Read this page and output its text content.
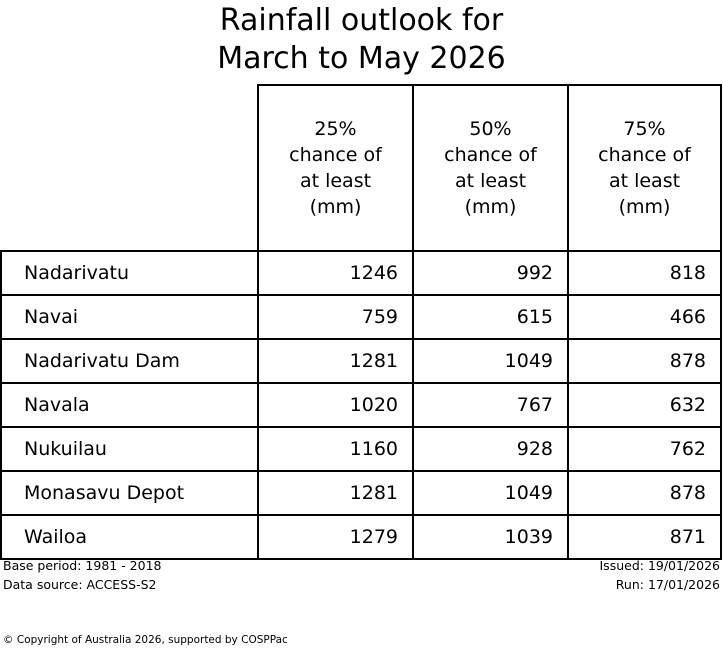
Rainfall outlook for
March to May 2026

	25%
chance of
at least
(mm)	50%
chance of
at least
(mm)	75%
chance of
at least
(mm)

Nadarivatu	1246	992	818
Navai	759	615	466
Nadarivatu Dam	1281	1049	878
Navala	1020	767	632
Nukuilau	1160	928	762
Monasavu Depot	1281	1049	878
Wailoa	1279	1039	871
Base period: 1981 - 2018	Issued: 19/01/2026
Data source: ACCESS-S2	Run: 17/01/2026
© Copyright of Australia 2026, supported by COSPPac
